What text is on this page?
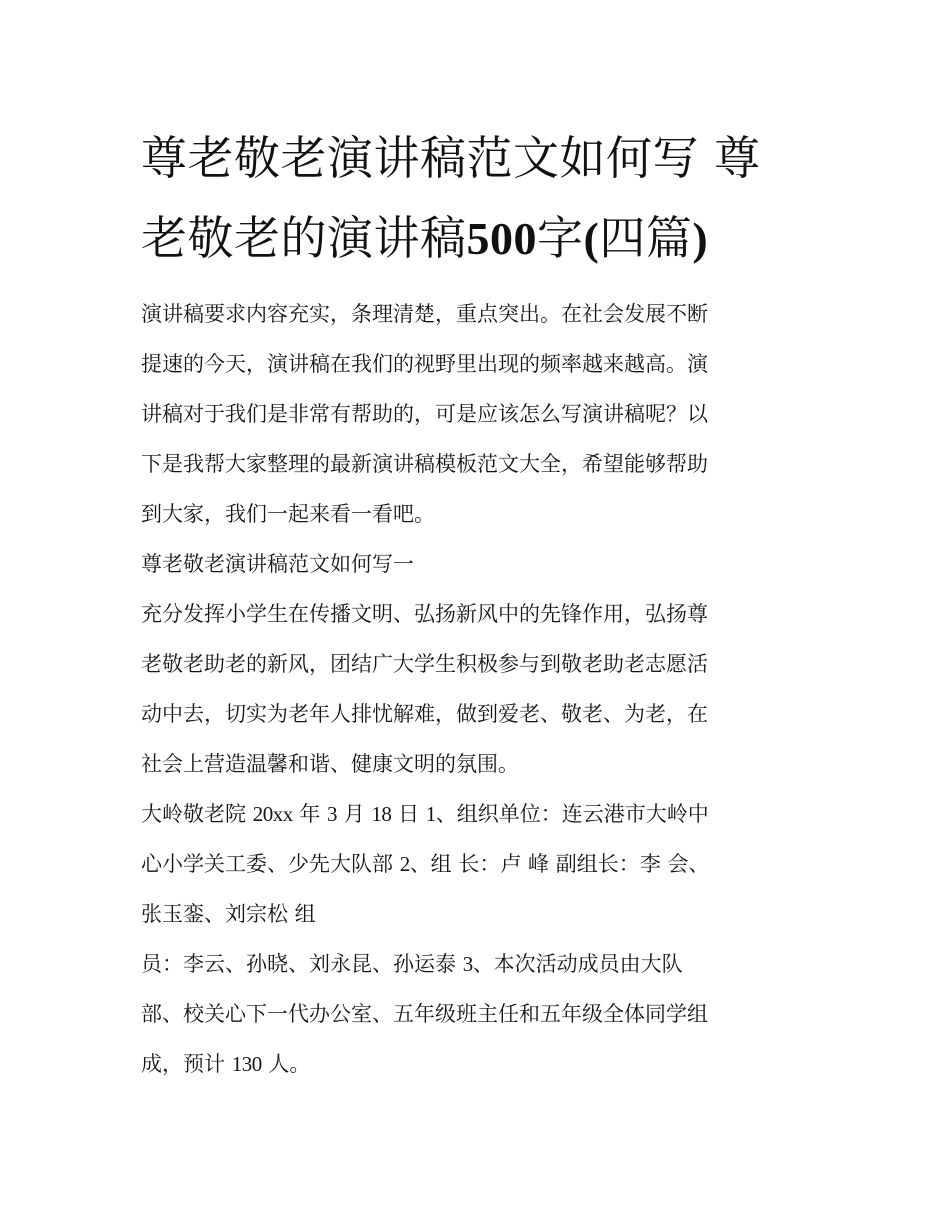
尊老敬老演讲稿范文如何写 尊
老敬老的演讲稿500字(四篇)
演讲稿要求内容充实，条理清楚，重点突出。在社会发展不断
提速的今天，演讲稿在我们的视野里出现的频率越来越高。演
讲稿对于我们是非常有帮助的，可是应该怎么写演讲稿呢？以
下是我帮大家整理的最新演讲稿模板范文大全，希望能够帮助
到大家，我们一起来看一看吧。
尊老敬老演讲稿范文如何写一
充分发挥小学生在传播文明、弘扬新风中的先锋作用，弘扬尊
老敬老助老的新风，团结广大学生积极参与到敬老助老志愿活
动中去，切实为老年人排忧解难，做到爱老、敬老、为老，在
社会上营造温馨和谐、健康文明的氛围。
大岭敬老院 20xx 年 3 月 18 日 1、组织单位：连云港市大岭中
心小学关工委、少先大队部 2、组 长：卢 峰 副组长：李 会、
张玉銮、刘宗松 组
员：李云、孙晓、刘永昆、孙运泰 3、本次活动成员由大队
部、校关心下一代办公室、五年级班主任和五年级全体同学组
成，预计 130 人。
